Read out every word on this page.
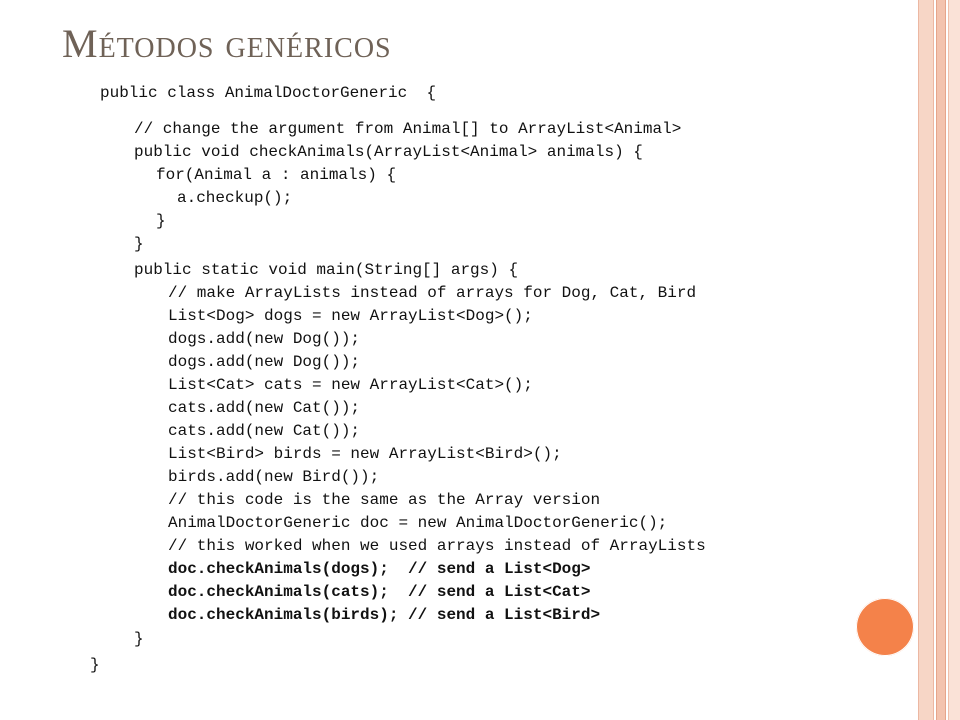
Métodos genéricos
public class AnimalDoctorGeneric  {
// change the argument from Animal[] to ArrayList<Animal>
public void checkAnimals(ArrayList<Animal> animals) {
for(Animal a : animals) {
a.checkup();
}
}
public static void main(String[] args) {
// make ArrayLists instead of arrays for Dog, Cat, Bird
List<Dog> dogs = new ArrayList<Dog>();
dogs.add(new Dog());
dogs.add(new Dog());
List<Cat> cats = new ArrayList<Cat>();
cats.add(new Cat());
cats.add(new Cat());
List<Bird> birds = new ArrayList<Bird>();
birds.add(new Bird());
// this code is the same as the Array version
AnimalDoctorGeneric doc = new AnimalDoctorGeneric();
// this worked when we used arrays instead of ArrayLists
doc.checkAnimals(dogs);  // send a List<Dog>
doc.checkAnimals(cats);  // send a List<Cat>
doc.checkAnimals(birds); // send a List<Bird>
}
}
